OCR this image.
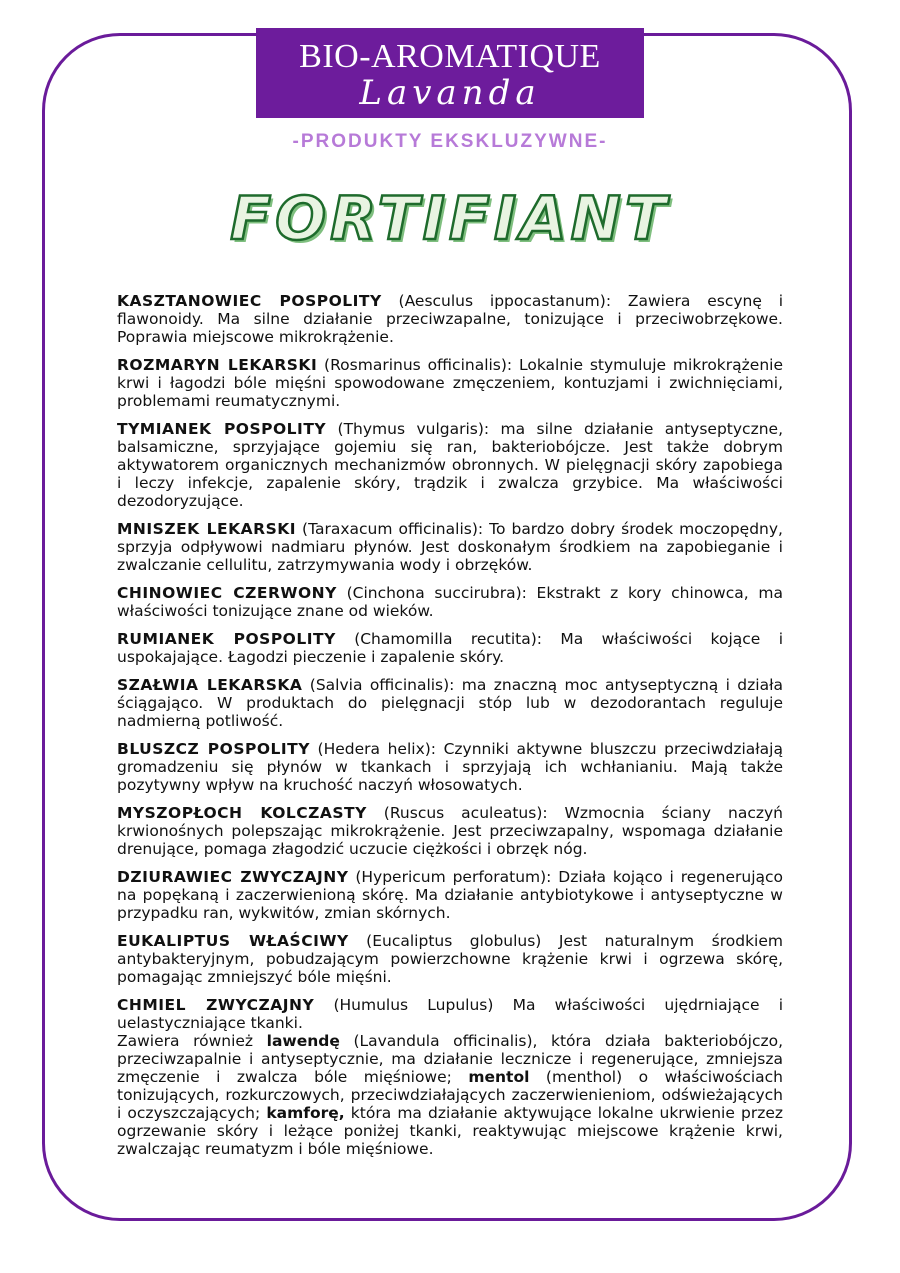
BIO-AROMATIQUE
Lavanda
-PRODUKTY EKSKLUZYWNE-
FORTIFIANT

KASZTANOWIEC POSPOLITY (Aesculus ippocastanum): Zawiera escynę i flawonoidy. Ma silne działanie przeciwzapalne, tonizujące i przeciwobrzękowe. Poprawia miejscowe mikrokrążenie.

ROZMARYN LEKARSKI (Rosmarinus officinalis): Lokalnie stymuluje mikrokrążenie krwi i łagodzi bóle mięśni spowodowane zmęczeniem, kontuzjami i zwichnięciami, problemami reumatycznymi.

TYMIANEK POSPOLITY (Thymus vulgaris): ma silne działanie antyseptyczne, balsamiczne, sprzyjające gojemiu się ran, bakteriobójcze. Jest także dobrym aktywatorem organicznych mechanizmów obronnych. W pielęgnacji skóry zapobiega i leczy infekcje, zapalenie skóry, trądzik i zwalcza grzybice. Ma właściwości dezodoryzujące.

MNISZEK LEKARSKI (Taraxacum officinalis): To bardzo dobry środek moczopędny, sprzyja odpływowi nadmiaru płynów. Jest doskonałym środkiem na zapobieganie i zwalczanie cellulitu, zatrzymywania wody i obrzęków.

CHINOWIEC CZERWONY (Cinchona succirubra): Ekstrakt z kory chinowca, ma właściwości tonizujące znane od wieków.

RUMIANEK POSPOLITY (Chamomilla recutita): Ma właściwości kojące i uspokajające. Łagodzi pieczenie i zapalenie skóry.

SZAŁWIA LEKARSKA (Salvia officinalis): ma znaczną moc antyseptyczną i działa ściągająco. W produktach do pielęgnacji stóp lub w dezodorantach reguluje nadmierną potliwość.

BLUSZCZ POSPOLITY (Hedera helix): Czynniki aktywne bluszczu przeciwdziałają gromadzeniu się płynów w tkankach i sprzyjają ich wchłanianiu. Mają także pozytywny wpływ na kruchość naczyń włosowatych.

MYSZOPŁOCH KOLCZASTY (Ruscus aculeatus): Wzmocnia ściany naczyń krwionośnych polepszając mikrokrążenie. Jest przeciwzapalny, wspomaga działanie drenujące, pomaga złagodzić uczucie ciężkości i obrzęk nóg.

DZIURAWIEC ZWYCZAJNY (Hypericum perforatum): Działa kojąco i regenerująco na popękaną i zaczerwienioną skórę. Ma działanie antybiotykowe i antyseptyczne w przypadku ran, wykwitów, zmian skórnych.

EUKALIPTUS WŁAŚCIWY (Eucaliptus globulus) Jest naturalnym środkiem antybakteryjnym, pobudzającym powierzchowne krążenie krwi i ogrzewa skórę, pomagając zmniejszyć bóle mięśni.

CHMIEL ZWYCZAJNY (Humulus Lupulus) Ma właściwości ujędrniające i uelastyczniające tkanki.

Zawiera również lawendę (Lavandula officinalis), która działa bakteriobójczo, przeciwzapalnie i antyseptycznie, ma działanie lecznicze i regenerujące, zmniejsza zmęczenie i zwalcza bóle mięśniowe; mentol (menthol) o właściwościach tonizujących, rozkurczowych, przeciwdziałających zaczerwienieniom, odświeżających i oczyszczających; kamforę, która ma działanie aktywujące lokalne ukrwienie przez ogrzewanie skóry i leżące poniżej tkanki, reaktywując miejscowe krążenie krwi, zwalczając reumatyzm i bóle mięśniowe.
